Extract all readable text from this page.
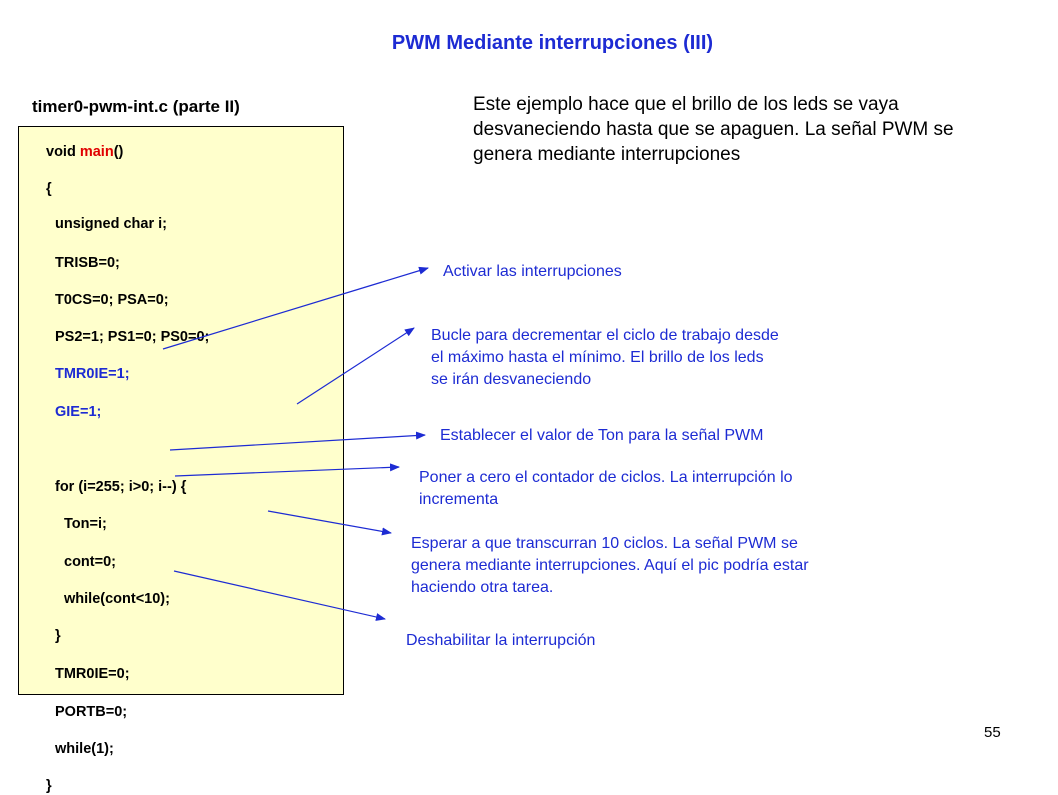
PWM Mediante interrupciones (III)
timer0-pwm-int.c (parte II)
void main()
{
unsigned char i;
TRISB=0;
T0CS=0; PSA=0;
PS2=1; PS1=0; PS0=0;
TMR0IE=1;
GIE=1;
for (i=255; i>0; i--) {
Ton=i;
cont=0;
while(cont<10);
}
TMR0IE=0;
PORTB=0;
while(1);
}
Este ejemplo hace que el brillo de los leds se vaya desvaneciendo hasta que se apaguen. La señal PWM se genera mediante interrupciones
Activar las interrupciones
Bucle para decrementar el ciclo de trabajo desde
el máximo hasta el mínimo. El brillo de los leds
se irán desvaneciendo
Establecer el valor de Ton para la señal PWM
Poner a cero el contador de ciclos. La interrupción lo
incrementa
Esperar a que transcurran 10 ciclos. La señal PWM se
genera mediante interrupciones. Aquí el pic podría estar
haciendo otra tarea.
Deshabilitar la interrupción
55
